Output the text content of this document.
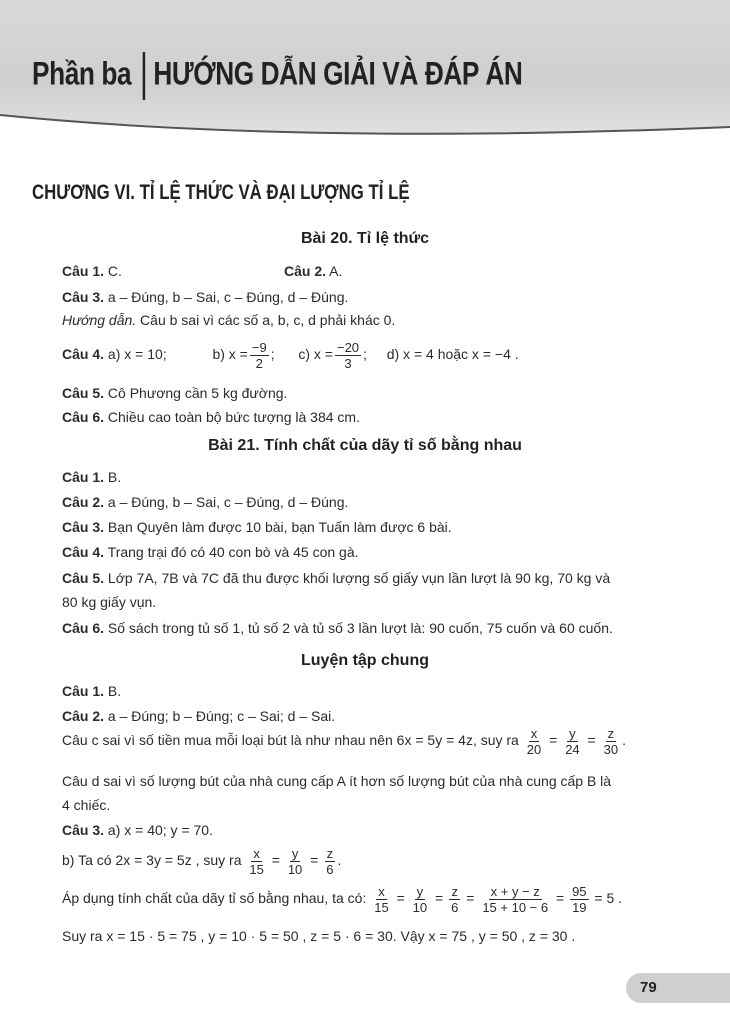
Phần ba HƯỚNG DẪN GIẢI VÀ ĐÁP ÁN
CHƯƠNG VI. TỈ LỆ THỨC VÀ ĐẠI LƯỢNG TỈ LỆ
Bài 20. Tỉ lệ thức
Câu 1. C.	Câu 2. A.
Câu 3. a – Đúng, b – Sai, c – Đúng, d – Đúng.
Hướng dẫn. Câu b sai vì các số a, b, c, d phải khác 0.
Câu 4. a) x = 10;	b) $x = \frac{-9}{2}$ ;  c) $x = \frac{-20}{3}$ ;  d) x = 4 hoặc x = −4 .
Câu 5. Cô Phương cần 5 kg đường.
Câu 6. Chiều cao toàn bộ bức tượng là 384 cm.
Bài 21. Tính chất của dãy tỉ số bằng nhau
Câu 1. B.
Câu 2. a – Đúng, b – Sai, c – Đúng, d – Đúng.
Câu 3. Bạn Quyên làm được 10 bài, bạn Tuấn làm được 6 bài.
Câu 4. Trang trại đó có 40 con bò và 45 con gà.
Câu 5. Lớp 7A, 7B và 7C đã thu được khối lượng số giấy vụn lần lượt là 90 kg, 70 kg và
80 kg giấy vụn.
Câu 6. Số sách trong tủ số 1, tủ số 2 và tủ số 3 lần lượt là: 90 cuốn, 75 cuốn và 60 cuốn.
Luyện tập chung
Câu 1. B.
Câu 2. a – Đúng; b – Đúng; c – Sai; d – Sai.
Câu c sai vì số tiền mua mỗi loại bút là như nhau nên 6x = 5y = 4z, suy ra $\frac{x}{20} = \frac{y}{24} = \frac{z}{30}$ .
Câu d sai vì số lượng bút của nhà cung cấp A ít hơn số lượng bút của nhà cung cấp B là
4 chiếc.
Câu 3. a) x = 40; y = 70.
b) Ta có 2x = 3y = 5z , suy ra $\frac{x}{15} = \frac{y}{10} = \frac{z}{6}$ .
Áp dụng tính chất của dãy tỉ số bằng nhau, ta có: $\frac{x}{15} = \frac{y}{10} = \frac{z}{6} = \frac{x + y - z}{15 + 10 - 6} = \frac{95}{19} = 5$ .
Suy ra x = 15 · 5 = 75 , y = 10 · 5 = 50 , z = 5 · 6 = 30. Vậy x = 75 , y = 50 , z = 30 .
79
